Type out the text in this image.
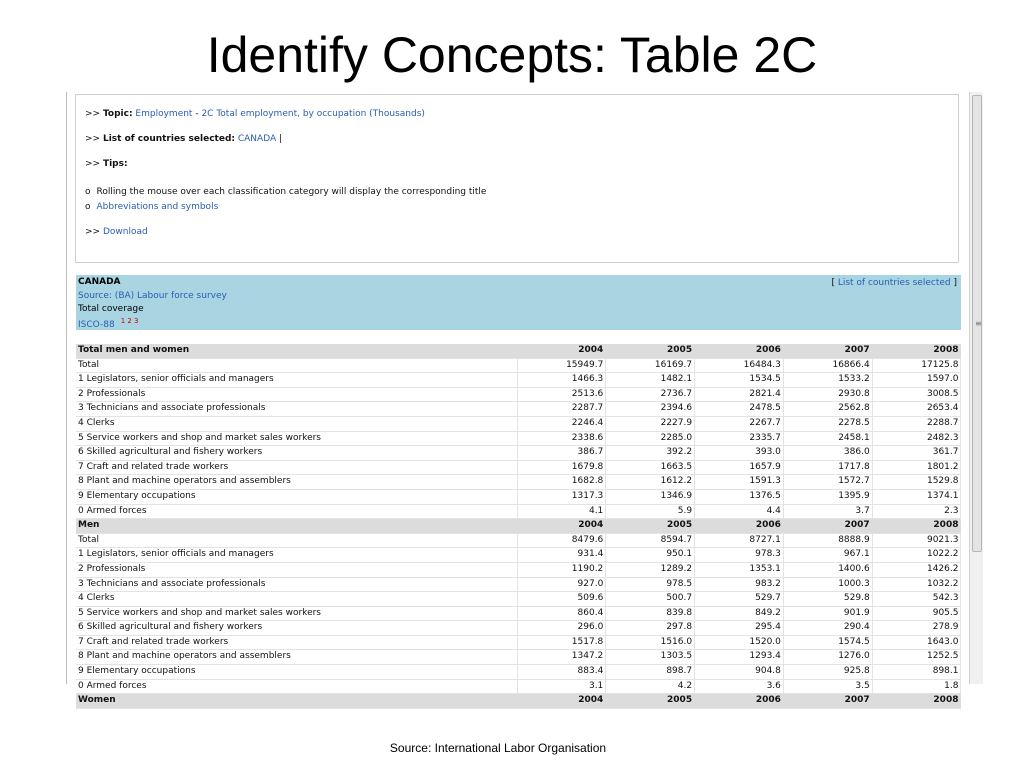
Identify Concepts: Table 2C
>> Topic: Employment - 2C Total employment, by occupation (Thousands)
>> List of countries selected: CANADA |
>> Tips:
o Rolling the mouse over each classification category will display the corresponding title
o Abbreviations and symbols
>> Download
CANADA
Source: (BA) Labour force survey
Total coverage
ISCO-88 $^{1 2 3}$
[ List of countries selected ]
Total men and women	2004	2005	2006	2007	2008
Total	15949.7	16169.7	16484.3	16866.4	17125.8
1 Legislators, senior officials and managers	1466.3	1482.1	1534.5	1533.2	1597.0
2 Professionals	2513.6	2736.7	2821.4	2930.8	3008.5
3 Technicians and associate professionals	2287.7	2394.6	2478.5	2562.8	2653.4
4 Clerks	2246.4	2227.9	2267.7	2278.5	2288.7
5 Service workers and shop and market sales workers	2338.6	2285.0	2335.7	2458.1	2482.3
6 Skilled agricultural and fishery workers	386.7	392.2	393.0	386.0	361.7
7 Craft and related trade workers	1679.8	1663.5	1657.9	1717.8	1801.2
8 Plant and machine operators and assemblers	1682.8	1612.2	1591.3	1572.7	1529.8
9 Elementary occupations	1317.3	1346.9	1376.5	1395.9	1374.1
0 Armed forces	4.1	5.9	4.4	3.7	2.3
Men	2004	2005	2006	2007	2008
Total	8479.6	8594.7	8727.1	8888.9	9021.3
1 Legislators, senior officials and managers	931.4	950.1	978.3	967.1	1022.2
2 Professionals	1190.2	1289.2	1353.1	1400.6	1426.2
3 Technicians and associate professionals	927.0	978.5	983.2	1000.3	1032.2
4 Clerks	509.6	500.7	529.7	529.8	542.3
5 Service workers and shop and market sales workers	860.4	839.8	849.2	901.9	905.5
6 Skilled agricultural and fishery workers	296.0	297.8	295.4	290.4	278.9
7 Craft and related trade workers	1517.8	1516.0	1520.0	1574.5	1643.0
8 Plant and machine operators and assemblers	1347.2	1303.5	1293.4	1276.0	1252.5
9 Elementary occupations	883.4	898.7	904.8	925.8	898.1
0 Armed forces	3.1	4.2	3.6	3.5	1.8
Women	2004	2005	2006	2007	2008
≡
Source: International Labor Organisation
